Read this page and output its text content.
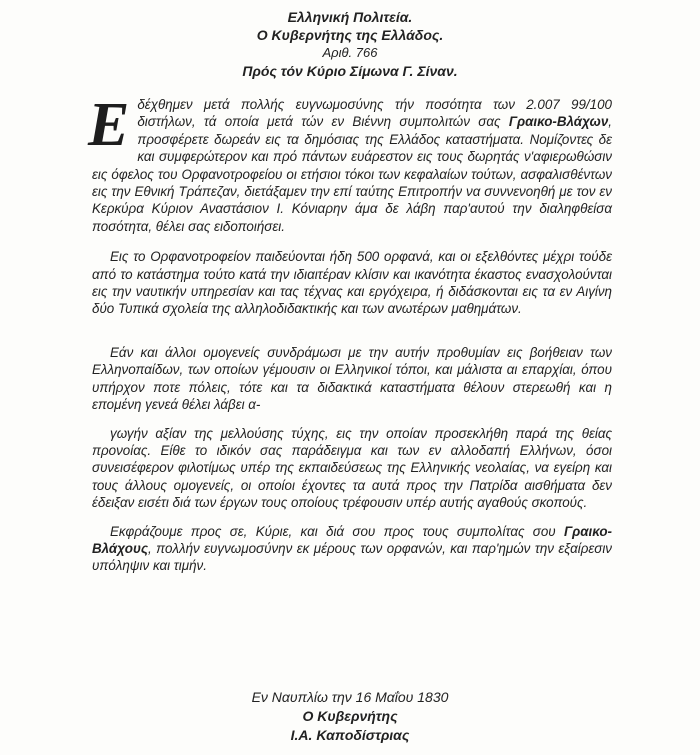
Ελληνική Πολιτεία.
Ο Κυβερνήτης της Ελλάδος.
Αριθ. 766
Πρός τόν Κύριο Σίμωνα Γ. Σίναν.

Εδέχθημεν μετά πολλής ευγνωμοσύνης τήν ποσότητα των 2.007 99/100 διστήλων, τά οποία μετά τών εν Βιέννη συμπολιτών σας Γραικο-Βλάχων, προσφέρετε δωρεάν εις τα δημόσιας της Ελλάδος καταστήματα. Νομίζοντες δε και συμφερώτερον και πρό πάντων ευάρεστον εις τους δωρητάς ν'αφιερωθώσιν εις όφελος του Ορφανοτροφείου οι ετήσιοι τόκοι των κεφαλαίων τούτων, ασφαλισθέντων εις την Εθνική Τράπεζαν, διετάξαμεν την επί ταύτης Επιτροπήν να συννενοηθή με τον εν Κερκύρα Κύριον Αναστάσιον Ι. Κόνιαρην άμα δε λάβη παρ'αυτού την διαληφθείσα ποσότητα, θέλει σας ειδοποιήσει.

Εις το Ορφανοτροφείον παιδεύονται ήδη 500 ορφανά, και οι εξελθόντες μέχρι τούδε από το κατάστημα τούτο κατά την ιδιαιτέραν κλίσιν και ικανότητα έκαστος ενασχολούνται εις την ναυτικήν υπηρεσίαν και τας τέχνας και εργόχειρα, ή διδάσκονται εις τα εν Αιγίνη δύο Τυπικά σχολεία της αλληλοδιδακτικής και των ανωτέρων μαθημάτων.

Εάν και άλλοι ομογενείς συνδράμωσι με την αυτήν προθυμίαν εις βοήθειαν των Ελληνοπαίδων, των οποίων γέμουσιν οι Ελληνικοί τόποι, και μάλιστα αι επαρχίαι, όπου υπήρχον ποτε πόλεις, τότε και τα διδακτικά καταστήματα θέλουν στερεωθή και η επομένη γενεά θέλει λάβει α-

γωγήν αξίαν της μελλούσης τύχης, εις την οποίαν προσεκλήθη παρά της θείας προνοίας. Είθε το ιδικόν σας παράδειγμα και των εν αλλοδαπή Ελλήνων, όσοι συνεισέφερον φιλοτίμως υπέρ της εκπαιδεύσεως της Ελληνικής νεολαίας, να εγείρη και τους άλλους ομογενείς, οι οποίοι έχοντες τα αυτά προς την Πατρίδα αισθήματα δεν έδειξαν εισέτι διά των έργων τους οποίους τρέφουσιν υπέρ αυτής αγαθούς σκοπούς.

Εκφράζουμε προς σε, Κύριε, και διά σου προς τους συμπολίτας σου Γραικο-Βλάχους, πολλήν ευγνωμοσύνην εκ μέρους των ορφανών, και παρ'ημών την εξαίρεσιν υπόληψιν και τιμήν.

Εν Ναυπλίω την 16 Μαΐου 1830
Ο Κυβερνήτης
Ι.Α. Καποδίστριας
